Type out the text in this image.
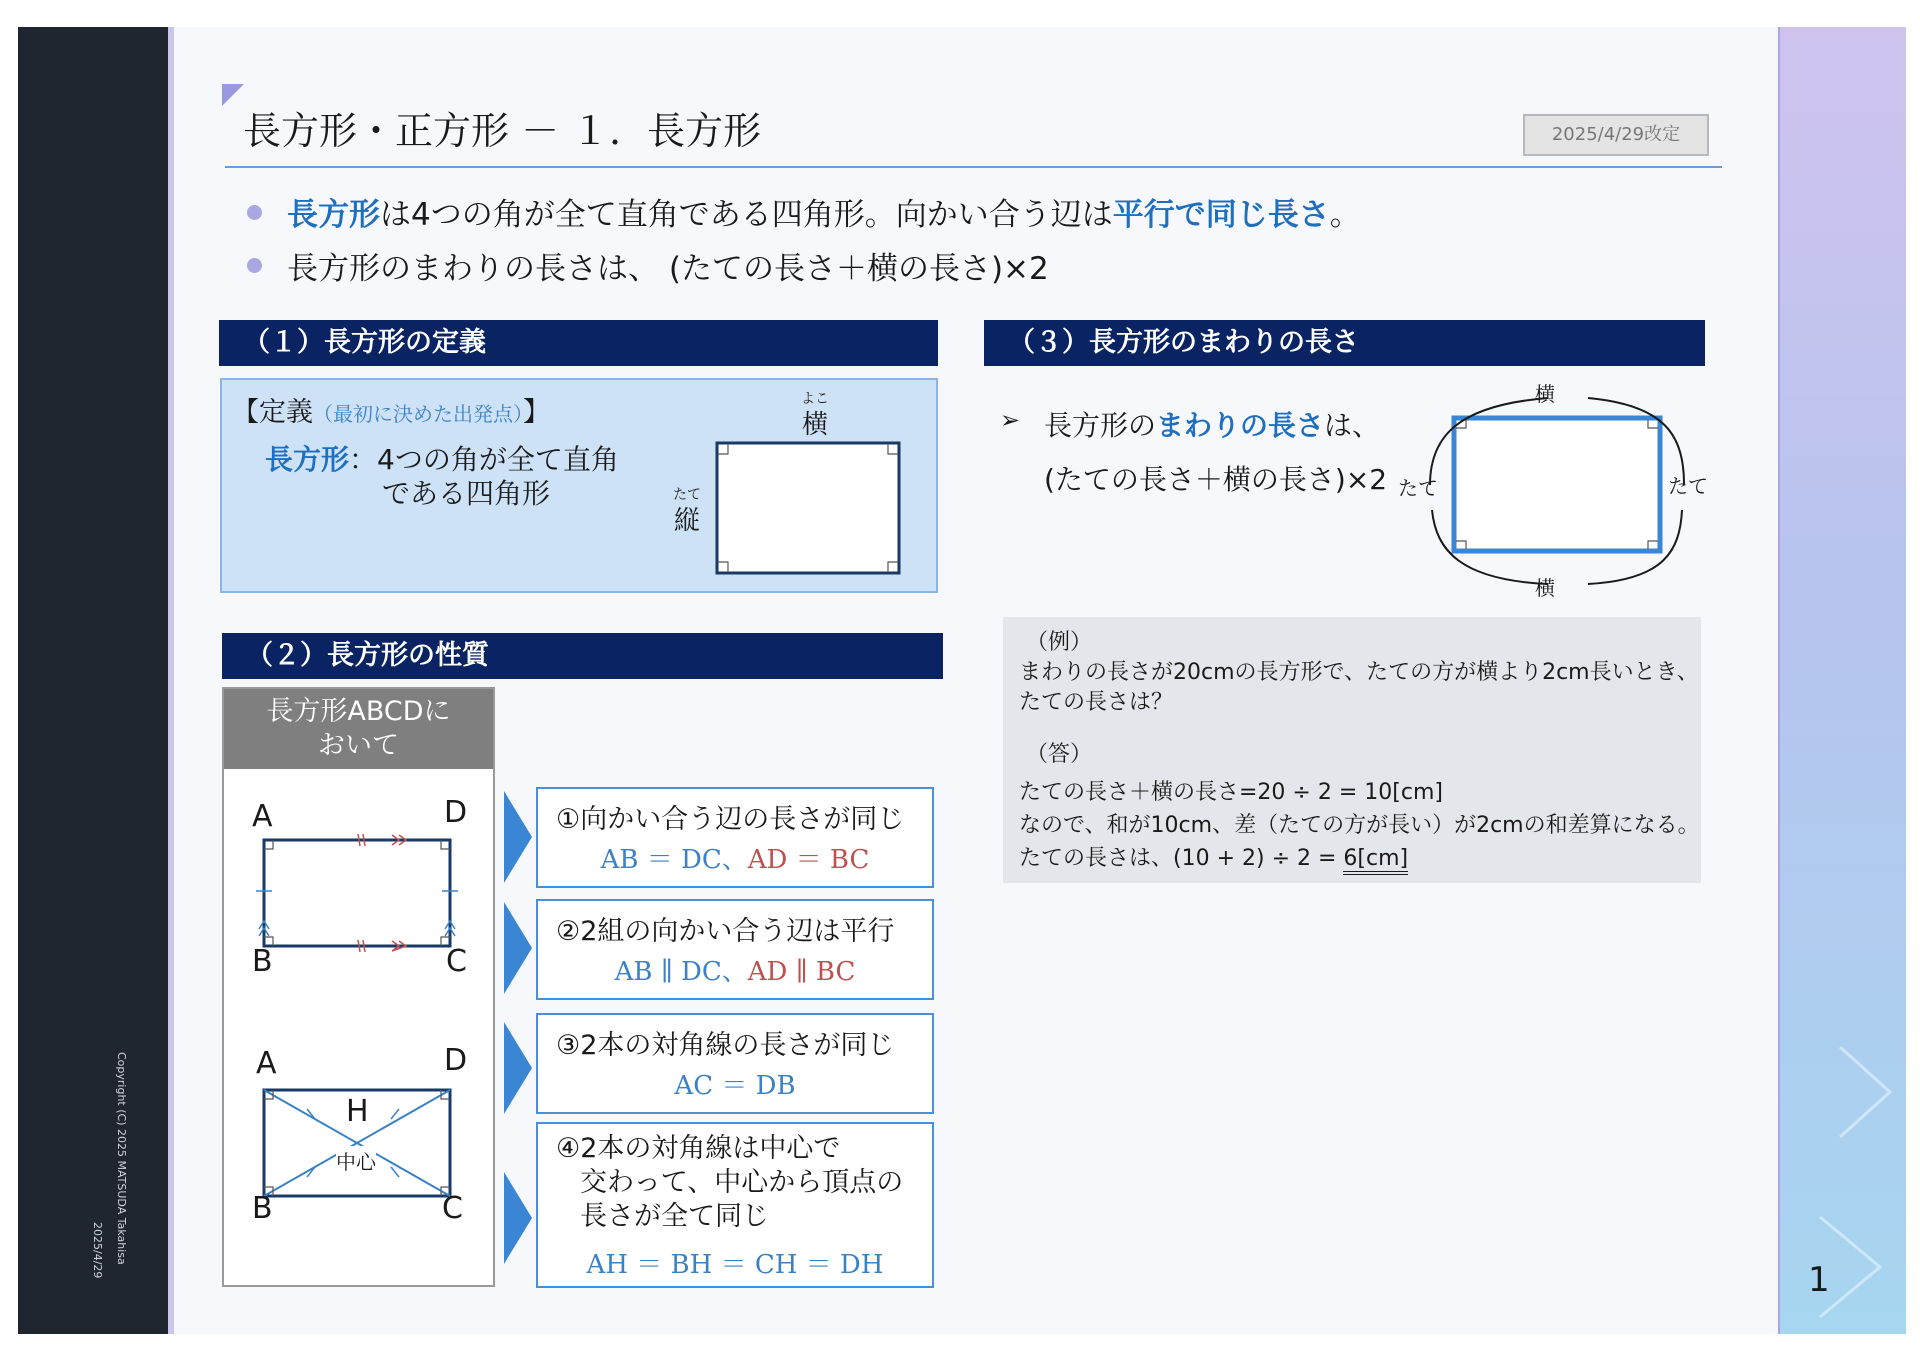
Copyright (C) 2025 MATSUDA Takahisa
2025/4/29
長方形・正方形 － １．長方形	2025/4/29改定
長方形は4つの角が全て直角である四角形。向かい合う辺は平行で同じ長さ。
長方形のまわりの長さは、 (たての長さ＋横の長さ)×2
（１）長方形の定義
【定義（最初に決めた出発点）】
長方形：4つの角が全て直角
である四角形
よこ
横
たて
縦
（２）長方形の性質
長方形ABCDに
おいて
A	D
B	C
A	D
B	C
H
中心
①向かい合う辺の長さが同じ
AB ＝ DC、AD ＝ BC
②2組の向かい合う辺は平行
AB ∥ DC、AD ∥ BC
③2本の対角線の長さが同じ
AC ＝ DB
④2本の対角線は中心で
交わって、中心から頂点の
長さが全て同じ
AH ＝ BH ＝ CH ＝ DH
（３）長方形のまわりの長さ
➢ 長方形のまわりの長さは、
(たての長さ＋横の長さ)×2
横
横
たて	たて
（例）
まわりの長さが20cmの長方形で、たての方が横より2cm長いとき、
たての長さは？
（答）
たての長さ＋横の長さ=20 ÷ 2 = 10[cm]
なので、和が10cm、差（たての方が長い）が2cmの和差算になる。
たての長さは、(10 + 2) ÷ 2 = 6[cm]
1
